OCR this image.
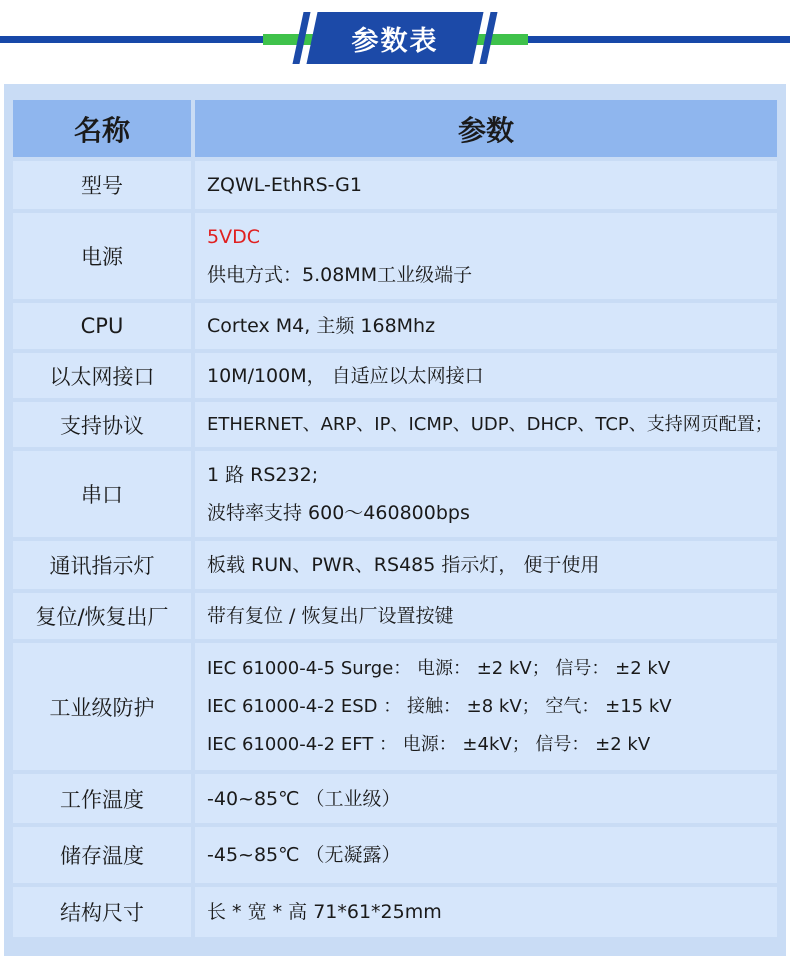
参数表
名称	参数
型号	ZQWL-EthRS-G1

电源	5VDC
供电方式：5.08MM工业级端子

CPU	Cortex M4, 主频 168Mhz

以太网接口	10M/100M， 自适应以太网接口

支持协议	ETHERNET、ARP、IP、ICMP、UDP、DHCP、TCP、支持网页配置；

串口	1 路 RS232;
波特率支持 600～460800bps

通讯指示灯	板载 RUN、PWR、RS485 指示灯， 便于使用

复位/恢复出厂	带有复位 / 恢复出厂设置按键

工业级防护	IEC 61000-4-5 Surge： 电源： ±2 kV； 信号： ±2 kV
IEC 61000-4-2 ESD ： 接触： ±8 kV； 空气： ±15 kV
IEC 61000-4-2 EFT ： 电源： ±4kV； 信号： ±2 kV

工作温度	-40~85℃ （工业级）

储存温度	-45~85℃ （无凝露）

结构尺寸	长 * 宽 * 高 71*61*25mm
